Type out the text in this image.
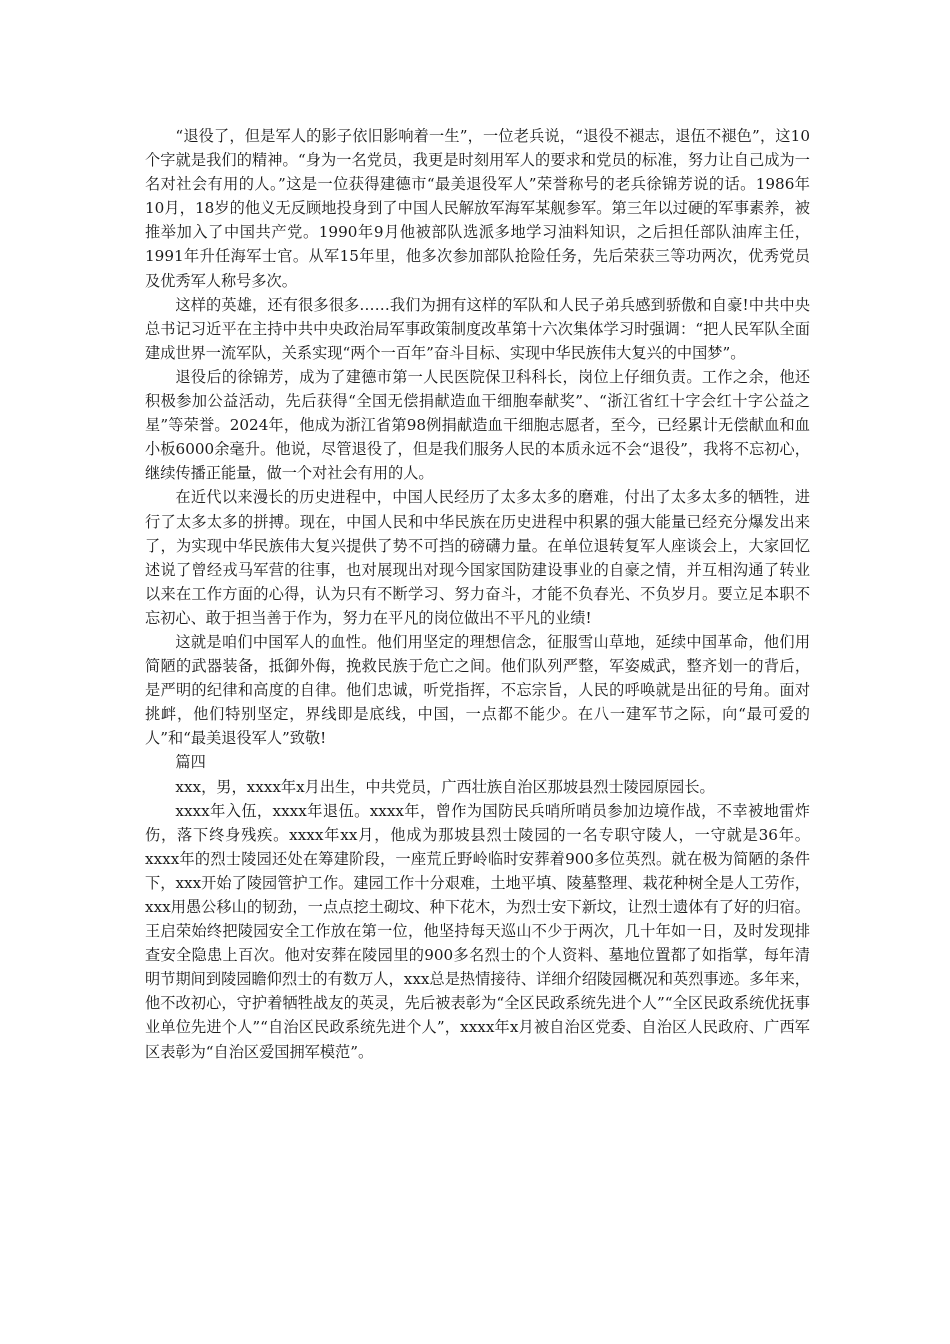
“退役了，但是军人的影子依旧影响着一生”，一位老兵说，“退役不褪志，退伍不褪色”，这10个字就是我们的精神。“身为一名党员，我更是时刻用军人的要求和党员的标准，努力让自己成为一名对社会有用的人。”这是一位获得建德市“最美退役军人”荣誉称号的老兵徐锦芳说的话。1986年10月，18岁的他义无反顾地投身到了中国人民解放军海军某舰参军。第三年以过硬的军事素养，被推举加入了中国共产党。1990年9月他被部队选派多地学习油料知识，之后担任部队油库主任，1991年升任海军士官。从军15年里，他多次参加部队抢险任务，先后荣获三等功两次，优秀党员及优秀军人称号多次。

这样的英雄，还有很多很多……我们为拥有这样的军队和人民子弟兵感到骄傲和自豪!中共中央总书记习近平在主持中共中央政治局军事政策制度改革第十六次集体学习时强调：“把人民军队全面建成世界一流军队，关系实现“两个一百年”奋斗目标、实现中华民族伟大复兴的中国梦”。

退役后的徐锦芳，成为了建德市第一人民医院保卫科科长，岗位上仔细负责。工作之余，他还积极参加公益活动，先后获得“全国无偿捐献造血干细胞奉献奖”、“浙江省红十字会红十字公益之星”等荣誉。2024年，他成为浙江省第98例捐献造血干细胞志愿者，至今，已经累计无偿献血和血小板6000余毫升。他说，尽管退役了，但是我们服务人民的本质永远不会“退役”，我将不忘初心，继续传播正能量，做一个对社会有用的人。

在近代以来漫长的历史进程中，中国人民经历了太多太多的磨难，付出了太多太多的牺牲，进行了太多太多的拼搏。现在，中国人民和中华民族在历史进程中积累的强大能量已经充分爆发出来了，为实现中华民族伟大复兴提供了势不可挡的磅礴力量。在单位退转复军人座谈会上，大家回忆述说了曾经戎马军营的往事，也对展现出对现今国家国防建设事业的自豪之情，并互相沟通了转业以来在工作方面的心得，认为只有不断学习、努力奋斗，才能不负春光、不负岁月。要立足本职不忘初心、敢于担当善于作为，努力在平凡的岗位做出不平凡的业绩!

这就是咱们中国军人的血性。他们用坚定的理想信念，征服雪山草地，延续中国革命，他们用简陋的武器装备，抵御外侮，挽救民族于危亡之间。他们队列严整，军姿威武，整齐划一的背后，是严明的纪律和高度的自律。他们忠诚，听党指挥，不忘宗旨，人民的呼唤就是出征的号角。面对挑衅，他们特别坚定，界线即是底线，中国，一点都不能少。在八一建军节之际，向“最可爱的人”和“最美退役军人”致敬!

篇四

xxx，男，xxxx年x月出生，中共党员，广西壮族自治区那坡县烈士陵园原园长。

xxxx年入伍，xxxx年退伍。xxxx年，曾作为国防民兵哨所哨员参加边境作战，不幸被地雷炸伤，落下终身残疾。xxxx年xx月，他成为那坡县烈士陵园的一名专职守陵人，一守就是36年。xxxx年的烈士陵园还处在筹建阶段，一座荒丘野岭临时安葬着900多位英烈。就在极为简陋的条件下，xxx开始了陵园管护工作。建园工作十分艰难，土地平填、陵墓整理、栽花种树全是人工劳作，xxx用愚公移山的韧劲，一点点挖土砌坟、种下花木，为烈士安下新坟，让烈士遗体有了好的归宿。王启荣始终把陵园安全工作放在第一位，他坚持每天巡山不少于两次，几十年如一日，及时发现排查安全隐患上百次。他对安葬在陵园里的900多名烈士的个人资料、墓地位置都了如指掌，每年清明节期间到陵园瞻仰烈士的有数万人，xxx总是热情接待、详细介绍陵园概况和英烈事迹。多年来，他不改初心，守护着牺牲战友的英灵，先后被表彰为“全区民政系统先进个人”“全区民政系统优抚事业单位先进个人”“自治区民政系统先进个人”，xxxx年x月被自治区党委、自治区人民政府、广西军区表彰为“自治区爱国拥军模范”。
